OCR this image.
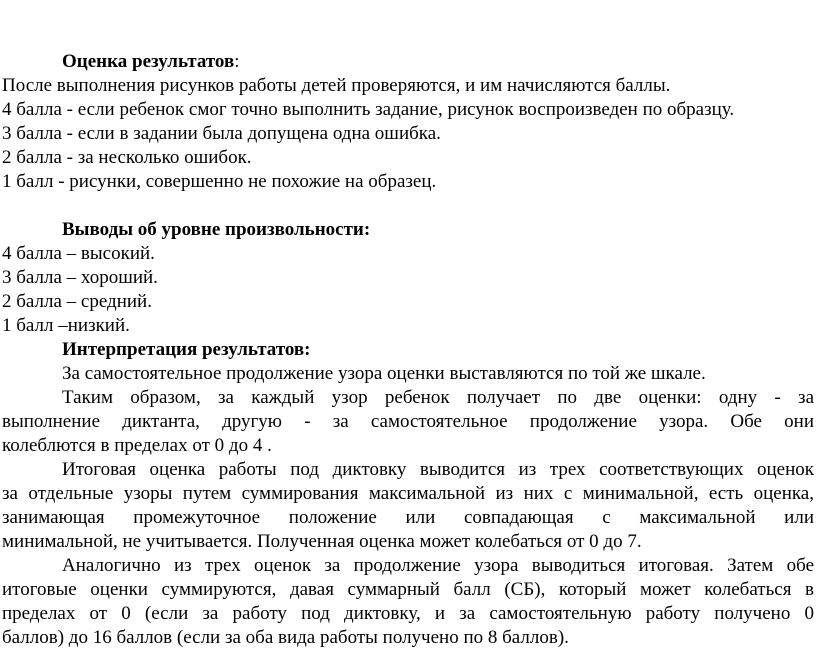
Оценка результатов:
После выполнения рисунков работы детей проверяются, и им начисляются баллы.
4 балла - если ребенок смог точно выполнить задание, рисунок воспроизведен по образцу.
3 балла - если в задании была допущена одна ошибка.
2 балла - за несколько ошибок.
1 балл - рисунки, совершенно не похожие на образец.
Выводы об уровне произвольности:
4 балла – высокий.
3 балла – хороший.
2 балла – средний.
1 балл –низкий.
Интерпретация результатов:
За самостоятельное продолжение узора оценки выставляются по той же шкале.
Таким образом, за каждый узор ребенок получает по две оценки: одну - за
выполнение диктанта, другую - за самостоятельное продолжение узора. Обе они
колеблются в пределах от 0 до 4 .
Итоговая оценка работы под диктовку выводится из трех соответствующих оценок
за отдельные узоры путем суммирования максимальной из них с минимальной, есть оценка,
занимающая промежуточное положение или совпадающая с максимальной или
минимальной, не учитывается. Полученная оценка может колебаться от 0 до 7.
Аналогично из трех оценок за продолжение узора выводиться итоговая. Затем обе
итоговые оценки суммируются, давая суммарный балл (СБ), который может колебаться в
пределах от 0 (если за работу под диктовку, и за самостоятельную работу получено 0
баллов) до 16 баллов (если за оба вида работы получено по 8 баллов).
